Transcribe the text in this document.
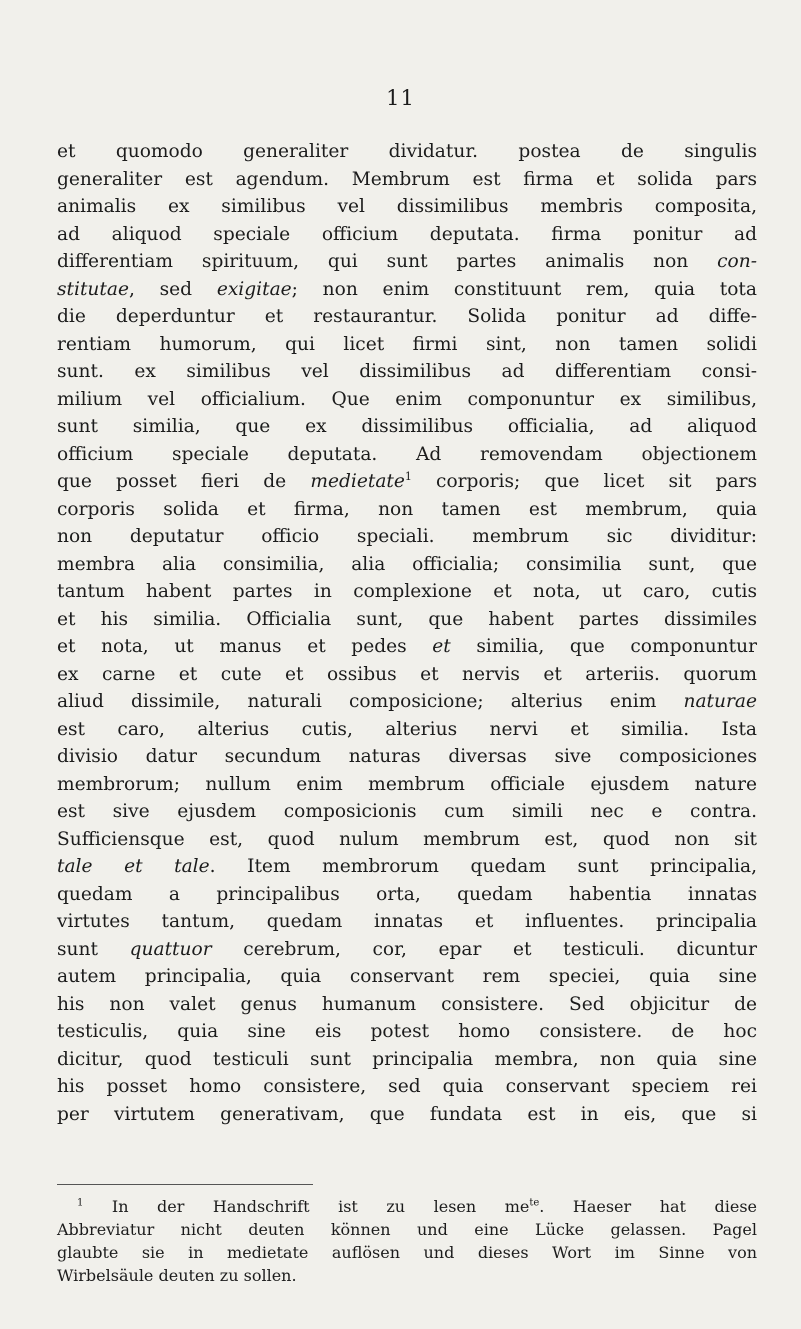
11
et quomodo generaliter dividatur. postea de singulis
generaliter est agendum. Membrum est firma et solida pars
animalis ex similibus vel dissimilibus membris composita,
ad aliquod speciale officium deputata. firma ponitur ad
differentiam spirituum, qui sunt partes animalis non con-
stitutae, sed exigitae; non enim constituunt rem, quia tota
die deperduntur et restaurantur. Solida ponitur ad diffe-
rentiam humorum, qui licet firmi sint, non tamen solidi
sunt. ex similibus vel dissimilibus ad differentiam consi-
milium vel officialium. Que enim componuntur ex similibus,
sunt similia, que ex dissimilibus officialia, ad aliquod
officium speciale deputata. Ad removendam objectionem
que posset fieri de medietate$^1$ corporis; que licet sit pars
corporis solida et firma, non tamen est membrum, quia
non deputatur officio speciali. membrum sic dividitur:
membra alia consimilia, alia officialia; consimilia sunt, que
tantum habent partes in complexione et nota, ut caro, cutis
et his similia. Officialia sunt, que habent partes dissimiles
et nota, ut manus et pedes et similia, que componuntur
ex carne et cute et ossibus et nervis et arteriis. quorum
aliud dissimile, naturali composicione; alterius enim naturae
est caro, alterius cutis, alterius nervi et similia. Ista
divisio datur secundum naturas diversas sive composiciones
membrorum; nullum enim membrum officiale ejusdem nature
est sive ejusdem composicionis cum simili nec e contra.
Sufficiensque est, quod nulum membrum est, quod non sit
tale et tale. Item membrorum quedam sunt principalia,
quedam a principalibus orta, quedam habentia innatas
virtutes tantum, quedam innatas et influentes. principalia
sunt quattuor cerebrum, cor, epar et testiculi. dicuntur
autem principalia, quia conservant rem speciei, quia sine
his non valet genus humanum consistere. Sed objicitur de
testiculis, quia sine eis potest homo consistere. de hoc
dicitur, quod testiculi sunt principalia membra, non quia sine
his posset homo consistere, sed quia conservant speciem rei
per virtutem generativam, que fundata est in eis, que si
$^1$ In der Handschrift ist zu lesen $me^{te}$. Haeser hat diese
Abbreviatur nicht deuten können und eine Lücke gelassen. Pagel
glaubte sie in medietate auflösen und dieses Wort im Sinne von
Wirbelsäule deuten zu sollen.
